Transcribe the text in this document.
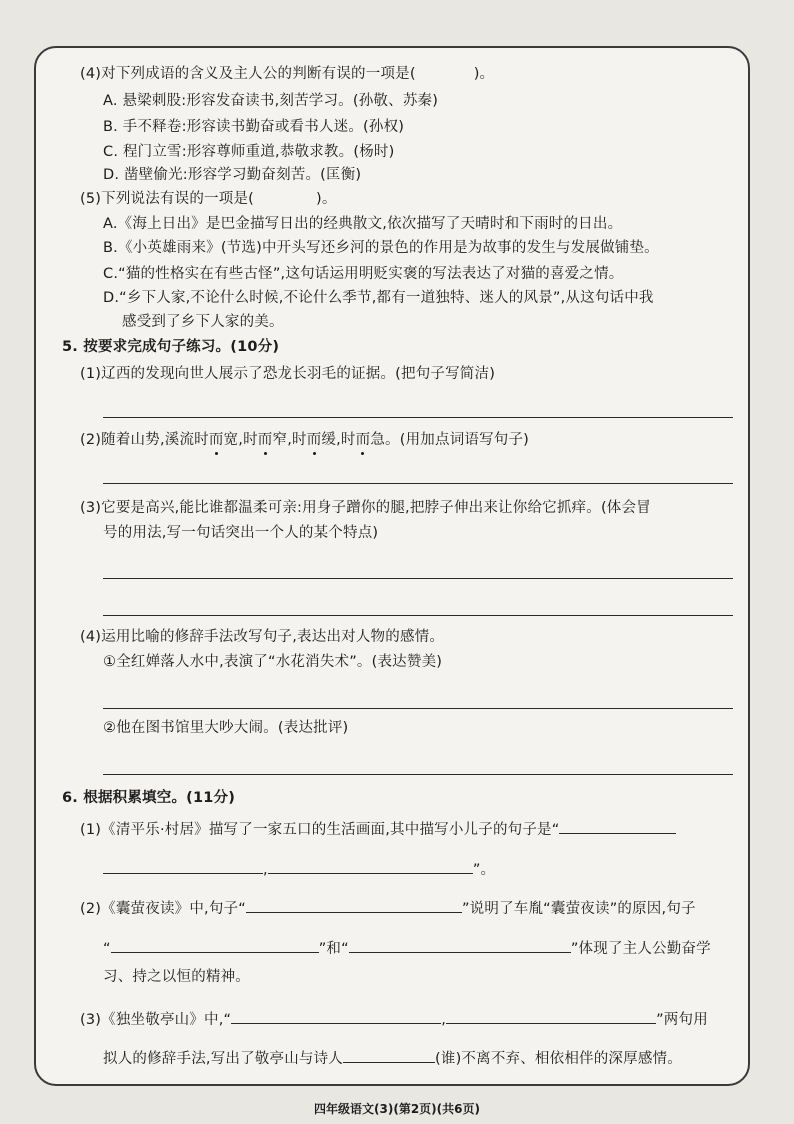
(4)对下列成语的含义及主人公的判断有误的一项是(	)。
A. 悬梁刺股:形容发奋读书,刻苦学习。(孙敬、苏秦)
B. 手不释卷:形容读书勤奋或看书人迷。(孙权)
C. 程门立雪:形容尊师重道,恭敬求教。(杨时)
D. 凿壁偷光:形容学习勤奋刻苦。(匡衡)
(5)下列说法有误的一项是(	)。
A.《海上日出》是巴金描写日出的经典散文,依次描写了天晴时和下雨时的日出。
B.《小英雄雨来》(节选)中开头写还乡河的景色的作用是为故事的发生与发展做铺垫。
C.“猫的性格实在有些古怪”,这句话运用明贬实褒的写法表达了对猫的喜爱之情。
D.“乡下人家,不论什么时候,不论什么季节,都有一道独特、迷人的风景”,从这句话中我
感受到了乡下人家的美。
5. 按要求完成句子练习。(10分)
(1)辽西的发现向世人展示了恐龙长羽毛的证据。(把句子写简洁)
(2)随着山势,溪流时而宽,时而窄,时而缓,时而急。(用加点词语写句子)
(3)它要是高兴,能比谁都温柔可亲:用身子蹭你的腿,把脖子伸出来让你给它抓痒。(体会冒
号的用法,写一句话突出一个人的某个特点)
(4)运用比喻的修辞手法改写句子,表达出对人物的感情。
①全红婵落人水中,表演了“水花消失术”。(表达赞美)
②他在图书馆里大吵大闹。(表达批评)
6. 根据积累填空。(11分)
(1)《清平乐·村居》描写了一家五口的生活画面,其中描写小儿子的句子是“
,	”。
(2)《囊萤夜读》中,句子“	”说明了车胤“囊萤夜读”的原因,句子
“	”和“	”体现了主人公勤奋学
习、持之以恒的精神。
(3)《独坐敬亭山》中,“	,	”两句用
拟人的修辞手法,写出了敬亭山与诗人	(谁)不离不弃、相依相伴的深厚感情。
四年级语文(3)(第2页)(共6页)
